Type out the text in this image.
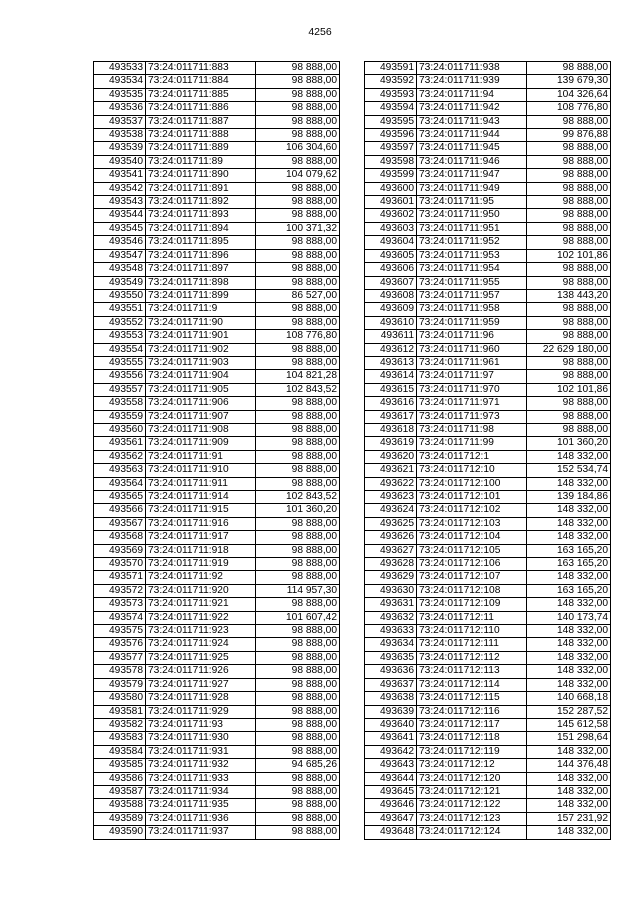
4256
493533	73:24:011711:883	98 888,00
493534	73:24:011711:884	98 888,00
493535	73:24:011711:885	98 888,00
493536	73:24:011711:886	98 888,00
493537	73:24:011711:887	98 888,00
493538	73:24:011711:888	98 888,00
493539	73:24:011711:889	106 304,60
493540	73:24:011711:89	98 888,00
493541	73:24:011711:890	104 079,62
493542	73:24:011711:891	98 888,00
493543	73:24:011711:892	98 888,00
493544	73:24:011711:893	98 888,00
493545	73:24:011711:894	100 371,32
493546	73:24:011711:895	98 888,00
493547	73:24:011711:896	98 888,00
493548	73:24:011711:897	98 888,00
493549	73:24:011711:898	98 888,00
493550	73:24:011711:899	86 527,00
493551	73:24:011711:9	98 888,00
493552	73:24:011711:90	98 888,00
493553	73:24:011711:901	108 776,80
493554	73:24:011711:902	98 888,00
493555	73:24:011711:903	98 888,00
493556	73:24:011711:904	104 821,28
493557	73:24:011711:905	102 843,52
493558	73:24:011711:906	98 888,00
493559	73:24:011711:907	98 888,00
493560	73:24:011711:908	98 888,00
493561	73:24:011711:909	98 888,00
493562	73:24:011711:91	98 888,00
493563	73:24:011711:910	98 888,00
493564	73:24:011711:911	98 888,00
493565	73:24:011711:914	102 843,52
493566	73:24:011711:915	101 360,20
493567	73:24:011711:916	98 888,00
493568	73:24:011711:917	98 888,00
493569	73:24:011711:918	98 888,00
493570	73:24:011711:919	98 888,00
493571	73:24:011711:92	98 888,00
493572	73:24:011711:920	114 957,30
493573	73:24:011711:921	98 888,00
493574	73:24:011711:922	101 607,42
493575	73:24:011711:923	98 888,00
493576	73:24:011711:924	98 888,00
493577	73:24:011711:925	98 888,00
493578	73:24:011711:926	98 888,00
493579	73:24:011711:927	98 888,00
493580	73:24:011711:928	98 888,00
493581	73:24:011711:929	98 888,00
493582	73:24:011711:93	98 888,00
493583	73:24:011711:930	98 888,00
493584	73:24:011711:931	98 888,00
493585	73:24:011711:932	94 685,26
493586	73:24:011711:933	98 888,00
493587	73:24:011711:934	98 888,00
493588	73:24:011711:935	98 888,00
493589	73:24:011711:936	98 888,00
493590	73:24:011711:937	98 888,00
493591	73:24:011711:938	98 888,00
493592	73:24:011711:939	139 679,30
493593	73:24:011711:94	104 326,64
493594	73:24:011711:942	108 776,80
493595	73:24:011711:943	98 888,00
493596	73:24:011711:944	99 876,88
493597	73:24:011711:945	98 888,00
493598	73:24:011711:946	98 888,00
493599	73:24:011711:947	98 888,00
493600	73:24:011711:949	98 888,00
493601	73:24:011711:95	98 888,00
493602	73:24:011711:950	98 888,00
493603	73:24:011711:951	98 888,00
493604	73:24:011711:952	98 888,00
493605	73:24:011711:953	102 101,86
493606	73:24:011711:954	98 888,00
493607	73:24:011711:955	98 888,00
493608	73:24:011711:957	138 443,20
493609	73:24:011711:958	98 888,00
493610	73:24:011711:959	98 888,00
493611	73:24:011711:96	98 888,00
493612	73:24:011711:960	22 629 180,00
493613	73:24:011711:961	98 888,00
493614	73:24:011711:97	98 888,00
493615	73:24:011711:970	102 101,86
493616	73:24:011711:971	98 888,00
493617	73:24:011711:973	98 888,00
493618	73:24:011711:98	98 888,00
493619	73:24:011711:99	101 360,20
493620	73:24:011712:1	148 332,00
493621	73:24:011712:10	152 534,74
493622	73:24:011712:100	148 332,00
493623	73:24:011712:101	139 184,86
493624	73:24:011712:102	148 332,00
493625	73:24:011712:103	148 332,00
493626	73:24:011712:104	148 332,00
493627	73:24:011712:105	163 165,20
493628	73:24:011712:106	163 165,20
493629	73:24:011712:107	148 332,00
493630	73:24:011712:108	163 165,20
493631	73:24:011712:109	148 332,00
493632	73:24:011712:11	140 173,74
493633	73:24:011712:110	148 332,00
493634	73:24:011712:111	148 332,00
493635	73:24:011712:112	148 332,00
493636	73:24:011712:113	148 332,00
493637	73:24:011712:114	148 332,00
493638	73:24:011712:115	140 668,18
493639	73:24:011712:116	152 287,52
493640	73:24:011712:117	145 612,58
493641	73:24:011712:118	151 298,64
493642	73:24:011712:119	148 332,00
493643	73:24:011712:12	144 376,48
493644	73:24:011712:120	148 332,00
493645	73:24:011712:121	148 332,00
493646	73:24:011712:122	148 332,00
493647	73:24:011712:123	157 231,92
493648	73:24:011712:124	148 332,00
